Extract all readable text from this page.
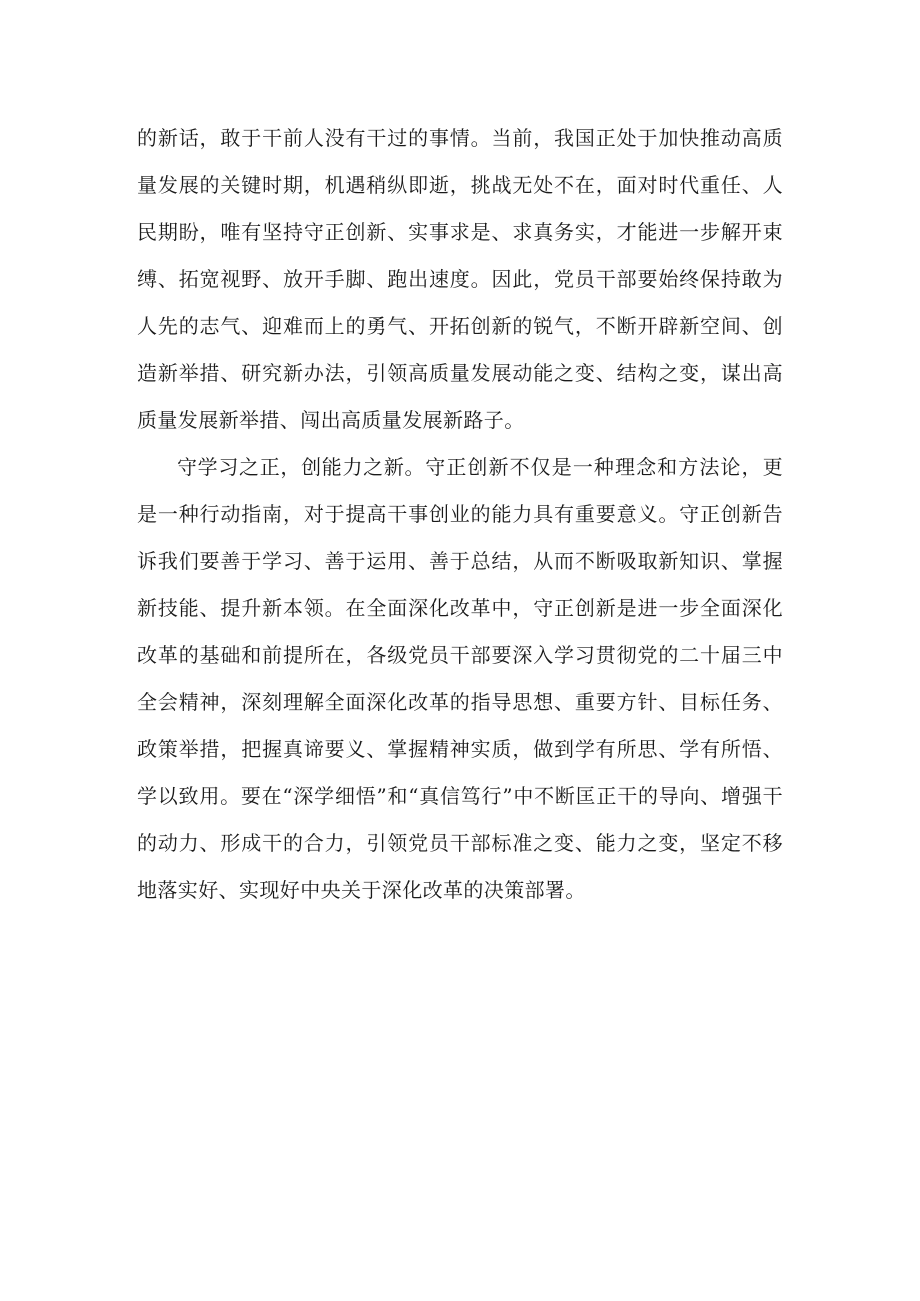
的新话，敢于干前人没有干过的事情。当前，我国正处于加快推动高质量发展的关键时期，机遇稍纵即逝，挑战无处不在，面对时代重任、人民期盼，唯有坚持守正创新、实事求是、求真务实，才能进一步解开束缚、拓宽视野、放开手脚、跑出速度。因此，党员干部要始终保持敢为人先的志气、迎难而上的勇气、开拓创新的锐气，不断开辟新空间、创造新举措、研究新办法，引领高质量发展动能之变、结构之变，谋出高质量发展新举措、闯出高质量发展新路子。

守学习之正，创能力之新。守正创新不仅是一种理念和方法论，更是一种行动指南，对于提高干事创业的能力具有重要意义。守正创新告诉我们要善于学习、善于运用、善于总结，从而不断吸取新知识、掌握新技能、提升新本领。在全面深化改革中，守正创新是进一步全面深化改革的基础和前提所在，各级党员干部要深入学习贯彻党的二十届三中全会精神，深刻理解全面深化改革的指导思想、重要方针、目标任务、政策举措，把握真谛要义、掌握精神实质，做到学有所思、学有所悟、学以致用。要在“深学细悟”和“真信笃行”中不断匡正干的导向、增强干的动力、形成干的合力，引领党员干部标准之变、能力之变，坚定不移地落实好、实现好中央关于深化改革的决策部署。
